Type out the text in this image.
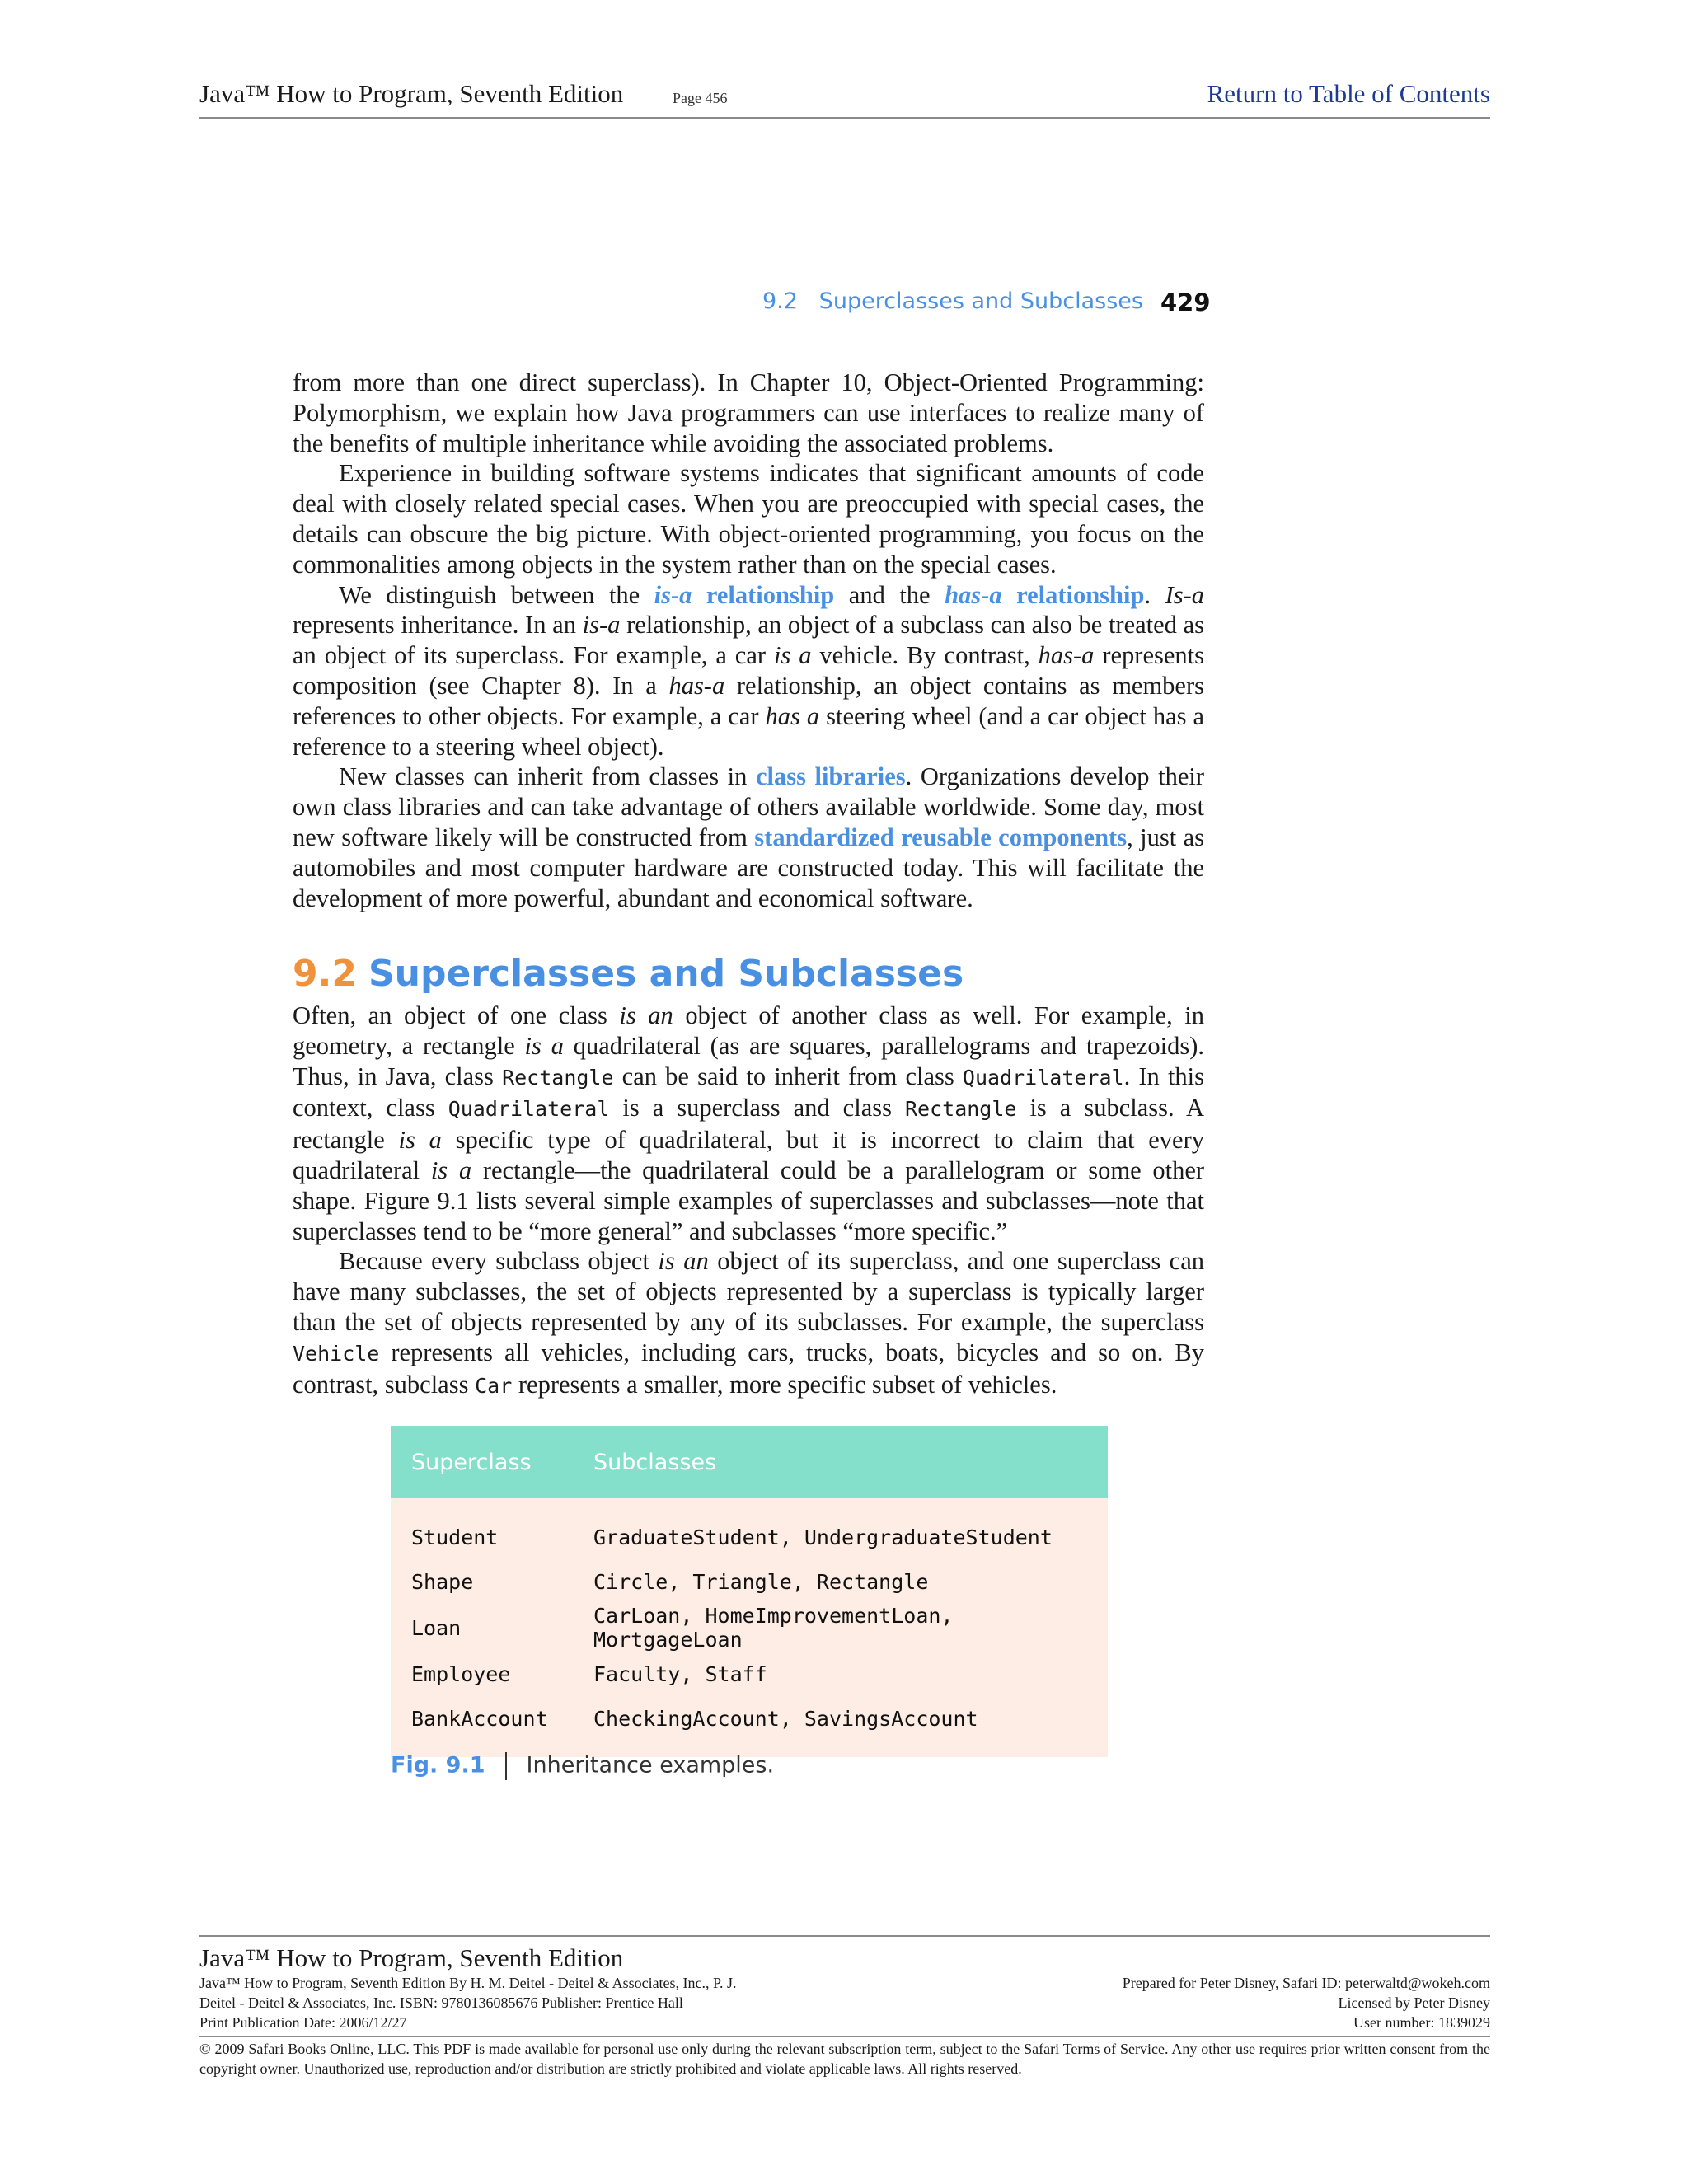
Java™ How to Program, Seventh Edition	Page 456	Return to Table of Contents
9.2   Superclasses and Subclasses 429

from more than one direct superclass). In Chapter 10, Object-Oriented Programming: Polymorphism, we explain how Java programmers can use interfaces to realize many of the benefits of multiple inheritance while avoiding the associated problems.

Experience in building software systems indicates that significant amounts of code deal with closely related special cases. When you are preoccupied with special cases, the details can obscure the big picture. With object-oriented programming, you focus on the commonalities among objects in the system rather than on the special cases.

We distinguish between the is-a relationship and the has-a relationship. Is-a represents inheritance. In an is-a relationship, an object of a subclass can also be treated as an object of its superclass. For example, a car is a vehicle. By contrast, has-a represents composition (see Chapter 8). In a has-a relationship, an object contains as members references to other objects. For example, a car has a steering wheel (and a car object has a reference to a steering wheel object).

New classes can inherit from classes in class libraries. Organizations develop their own class libraries and can take advantage of others available worldwide. Some day, most new software likely will be constructed from standardized reusable components, just as automobiles and most computer hardware are constructed today. This will facilitate the development of more powerful, abundant and economical software.

9.2 Superclasses and Subclasses

Often, an object of one class is an object of another class as well. For example, in geometry, a rectangle is a quadrilateral (as are squares, parallelograms and trapezoids). Thus, in Java, class Rectangle can be said to inherit from class Quadrilateral. In this context, class Quadrilateral is a superclass and class Rectangle is a subclass. A rectangle is a specific type of quadrilateral, but it is incorrect to claim that every quadrilateral is a rectangle—the quadrilateral could be a parallelogram or some other shape. Figure 9.1 lists several simple examples of superclasses and subclasses—note that superclasses tend to be “more general” and subclasses “more specific.”

Because every subclass object is an object of its superclass, and one superclass can have many subclasses, the set of objects represented by a superclass is typically larger than the set of objects represented by any of its subclasses. For example, the superclass Vehicle represents all vehicles, including cars, trucks, boats, bicycles and so on. By contrast, subclass Car represents a smaller, more specific subset of vehicles.

Superclass	Subclasses
Student	GraduateStudent, UndergraduateStudent
Shape	Circle, Triangle, Rectangle
Loan	CarLoan, HomeImprovementLoan, MortgageLoan
Employee	Faculty, Staff
BankAccount	CheckingAccount, SavingsAccount
Fig. 9.1 Inheritance examples.
Java™ How to Program, Seventh Edition
Java™ How to Program, Seventh Edition By H. M. Deitel - Deitel & Associates, Inc., P. J.	Prepared for Peter Disney, Safari ID: peterwaltd@wokeh.com
Deitel - Deitel & Associates, Inc. ISBN: 9780136085676 Publisher: Prentice Hall	Licensed by Peter Disney
Print Publication Date: 2006/12/27	User number: 1839029
© 2009 Safari Books Online, LLC. This PDF is made available for personal use only during the relevant subscription term, subject to the Safari Terms of Service. Any other use requires prior written consent from the copyright owner. Unauthorized use, reproduction and/or distribution are strictly prohibited and violate applicable laws. All rights reserved.
